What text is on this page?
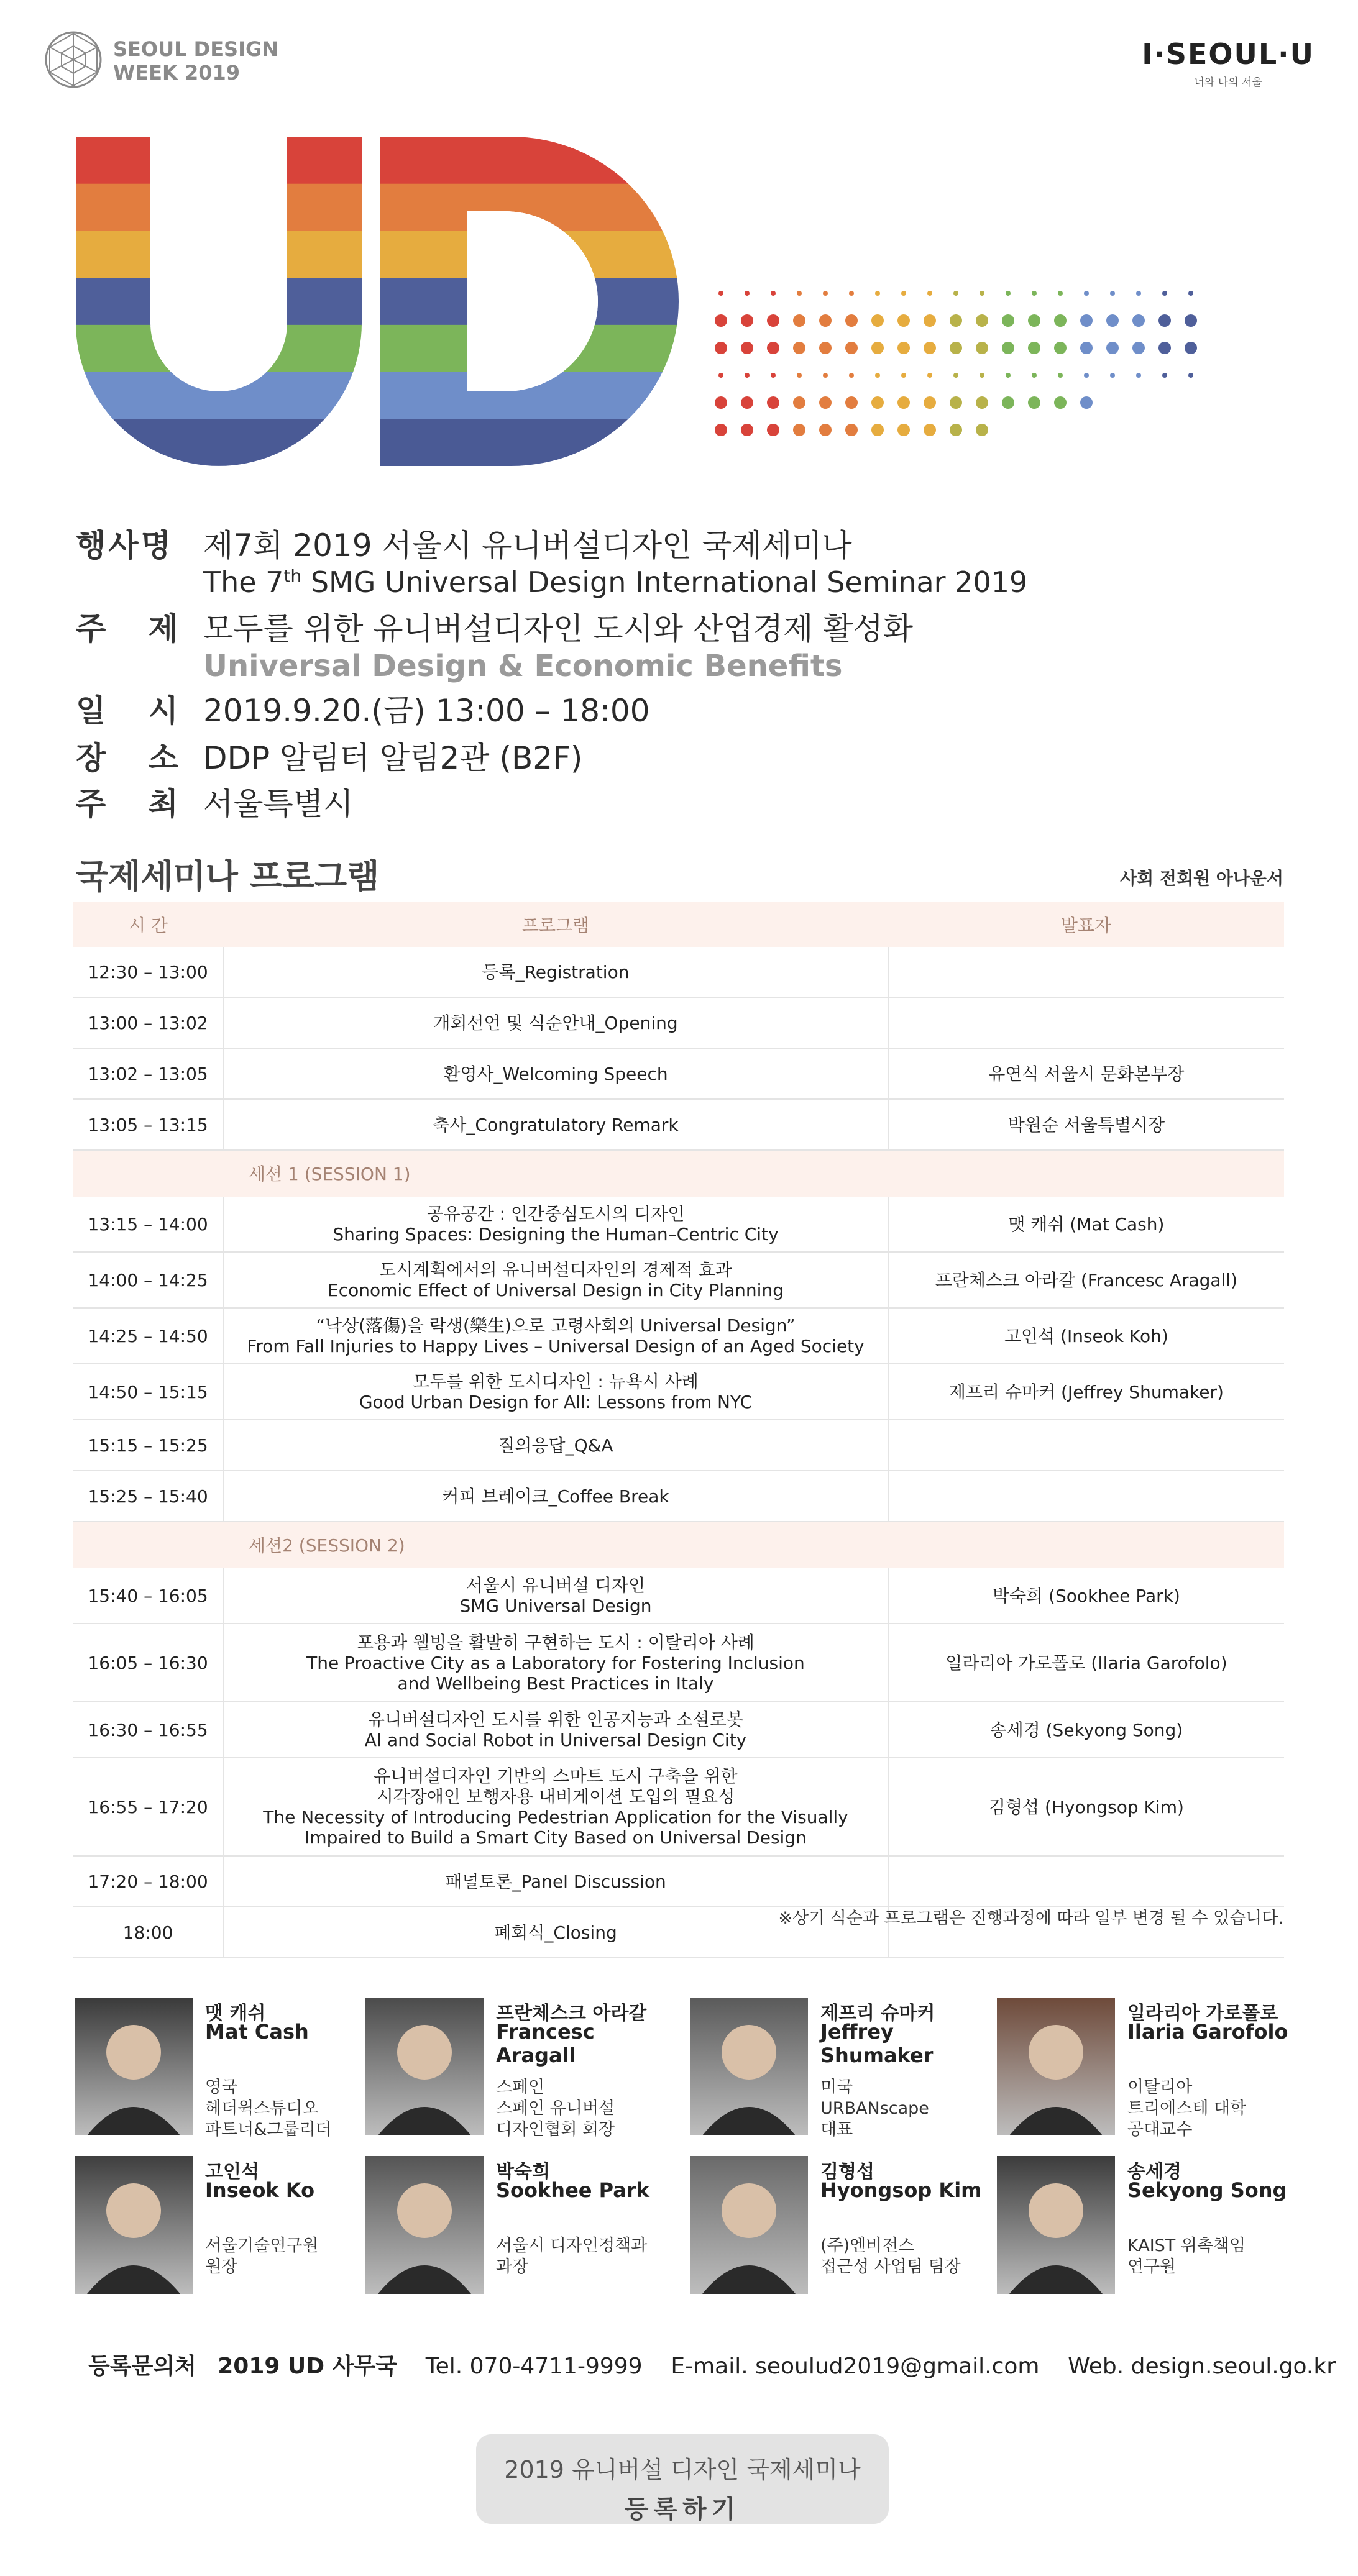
SEOUL DESIGN
WEEK 2019
I·SEOUL·U
너와 나의 서울
행사명 제7회 2019 서울시 유니버설디자인 국제세미나
The 7th SMG Universal Design International Seminar 2019
주   제 모두를 위한 유니버설디자인 도시와 산업경제 활성화
Universal Design & Economic Benefits
일   시 2019.9.20.(금) 13:00 – 18:00
장   소 DDP 알림터 알림2관 (B2F)
주   최 서울특별시
국제세미나 프로그램	사회 전회원 아나운서
시 간	프로그램	발표자
12:30 – 13:00	등록_Registration	
13:00 – 13:02	개회선언 및 식순안내_Opening	
13:02 – 13:05	환영사_Welcoming Speech	유연식 서울시 문화본부장
13:05 – 13:15	축사_Congratulatory Remark	박원순 서울특별시장
세션 1 (SESSION 1)		
13:15 – 14:00	공유공간 : 인간중심도시의 디자인
Sharing Spaces: Designing the Human–Centric City	맷 캐쉬 (Mat Cash)
14:00 – 14:25	도시계획에서의 유니버설디자인의 경제적 효과
Economic Effect of Universal Design in City Planning	프란체스크 아라갈 (Francesc Aragall)
14:25 – 14:50	“낙상(落傷)을 락생(樂生)으로 고령사회의 Universal Design”
From Fall Injuries to Happy Lives – Universal Design of an Aged Society	고인석 (Inseok Koh)
14:50 – 15:15	모두를 위한 도시디자인 : 뉴욕시 사례
Good Urban Design for All: Lessons from NYC	제프리 슈마커 (Jeffrey Shumaker)
15:15 – 15:25	질의응답_Q&A	
15:25 – 15:40	커피 브레이크_Coffee Break	
세션2 (SESSION 2)		
15:40 – 16:05	서울시 유니버설 디자인
SMG Universal Design	박숙희 (Sookhee Park)
16:05 – 16:30	포용과 웰빙을 활발히 구현하는 도시 : 이탈리아 사례
The Proactive City as a Laboratory for Fostering Inclusion
and Wellbeing Best Practices in Italy	일라리아 가로폴로 (Ilaria Garofolo)
16:30 – 16:55	유니버설디자인 도시를 위한 인공지능과 소셜로봇
AI and Social Robot in Universal Design City	송세경 (Sekyong Song)
16:55 – 17:20	유니버설디자인 기반의 스마트 도시 구축을 위한
시각장애인 보행자용 내비게이션 도입의 필요성
The Necessity of Introducing Pedestrian Application for the Visually
Impaired to Build a Smart City Based on Universal Design	김형섭 (Hyongsop Kim)
17:20 – 18:00	패널토론_Panel Discussion	
18:00	폐회식_Closing	
※상기 식순과 프로그램은 진행과정에 따라 일부 변경 될 수 있습니다.
맷 캐쉬
Mat Cash
영국
헤더윅스튜디오
파트너&그룹리더
프란체스크 아라갈
Francesc Aragall
스페인
스페인 유니버설
디자인협회 회장
제프리 슈마커
Jeffrey Shumaker
미국
URBANscape
대표
일라리아 가로폴로
Ilaria Garofolo
이탈리아
트리에스테 대학
공대교수
고인석
Inseok Ko
서울기술연구원
원장
박숙희
Sookhee Park
서울시 디자인정책과
과장
김형섭
Hyongsop Kim
(주)엔비전스
접근성 사업팀 팀장
송세경
Sekyong Song
KAIST 위촉책임
연구원
등록문의처 2019 UD 사무국 Tel. 070-4711-9999 E-mail. seoulud2019@gmail.com Web. design.seoul.go.kr
2019 유니버설 디자인 국제세미나
등록하기
